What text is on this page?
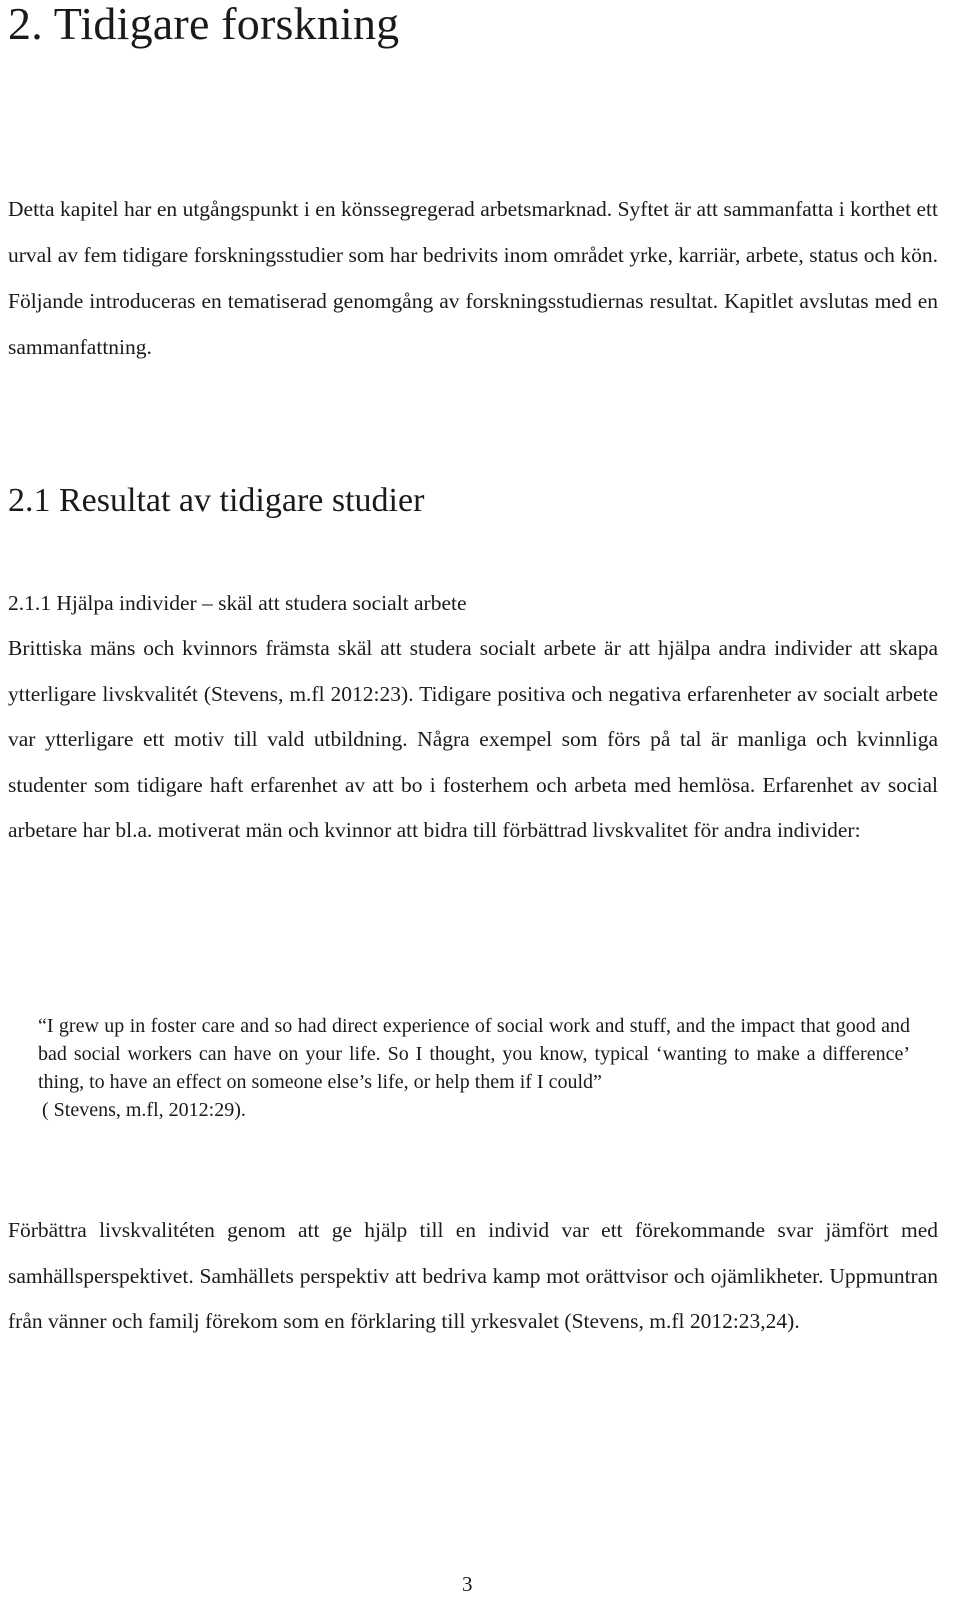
2. Tidigare forskning

Detta kapitel har en utgångspunkt i en könssegregerad arbetsmarknad. Syftet är att sammanfatta i korthet ett urval av fem tidigare forskningsstudier som har bedrivits inom området yrke, karriär, arbete, status och kön. Följande introduceras en tematiserad genomgång av forskningsstudiernas resultat. Kapitlet avslutas med en sammanfattning.

2.1 Resultat av tidigare studier
2.1.1 Hjälpa individer – skäl att studera socialt arbete

Brittiska mäns och kvinnors främsta skäl att studera socialt arbete är att hjälpa andra individer att skapa ytterligare livskvalitét (Stevens, m.fl 2012:23). Tidigare positiva och negativa erfarenheter av socialt arbete var ytterligare ett motiv till vald utbildning. Några exempel som förs på tal är manliga och kvinnliga studenter som tidigare haft erfarenhet av att bo i fosterhem och arbeta med hemlösa. Erfarenhet av social arbetare har bl.a. motiverat män och kvinnor att bidra till förbättrad livskvalitet för andra individer:

“I grew up in foster care and so had direct experience of social work and stuff, and the impact that good and bad social workers can have on your life. So I thought, you know, typical ‘wanting to make a difference’ thing, to have an effect on someone else’s life, or help them if I could”

( Stevens, m.fl, 2012:29).

Förbättra livskvalitéten genom att ge hjälp till en individ var ett förekommande svar jämfört med samhällsperspektivet. Samhällets perspektiv att bedriva kamp mot orättvisor och ojämlikheter. Uppmuntran från vänner och familj förekom som en förklaring till yrkesvalet (Stevens, m.fl 2012:23,24).

3
